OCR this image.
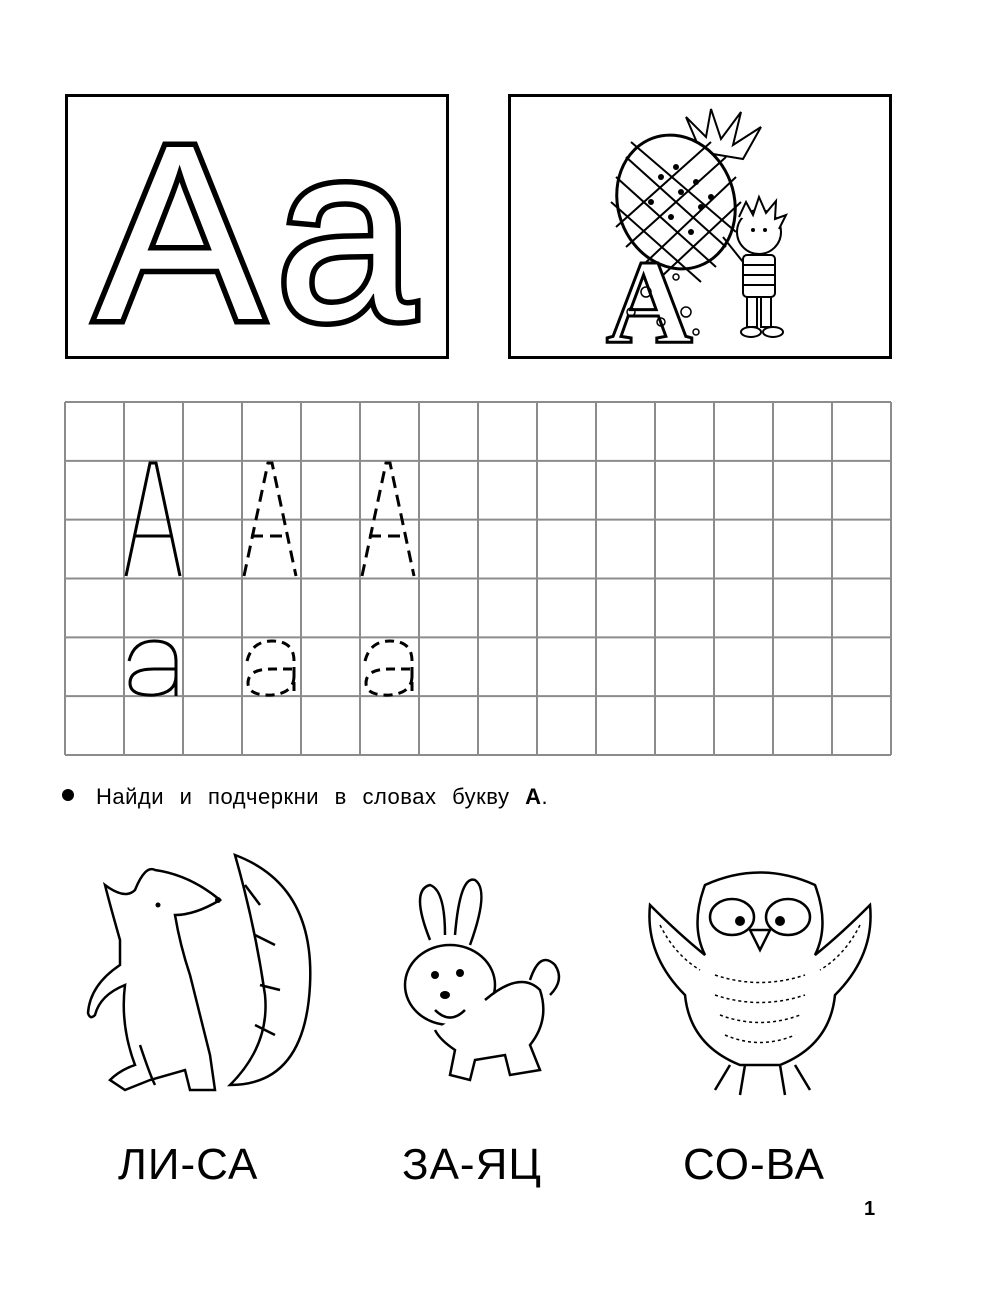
А а А
Найди и подчеркни в словах букву А.
ЛИ-СА	ЗА-ЯЦ	СО-ВА
1
